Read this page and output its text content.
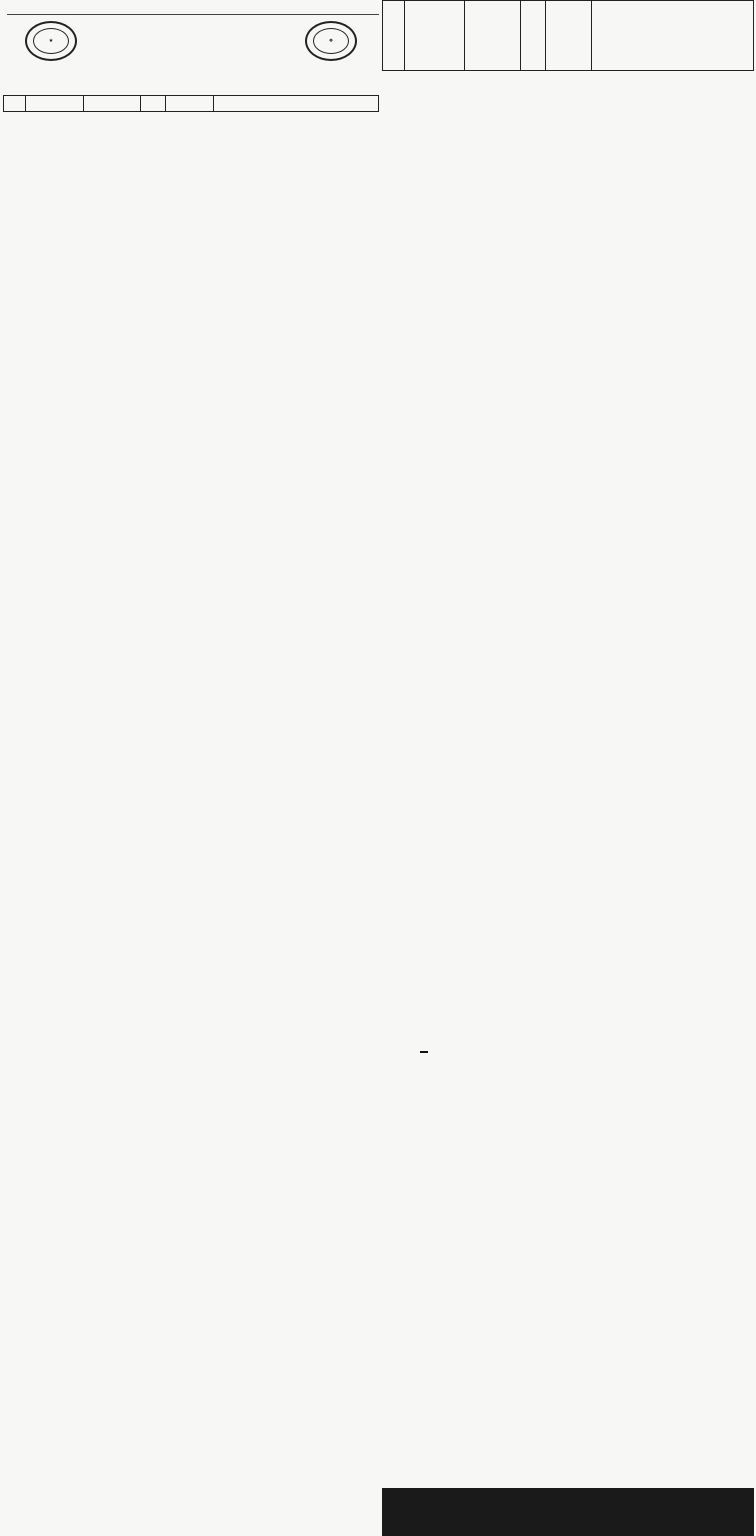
★	❖
